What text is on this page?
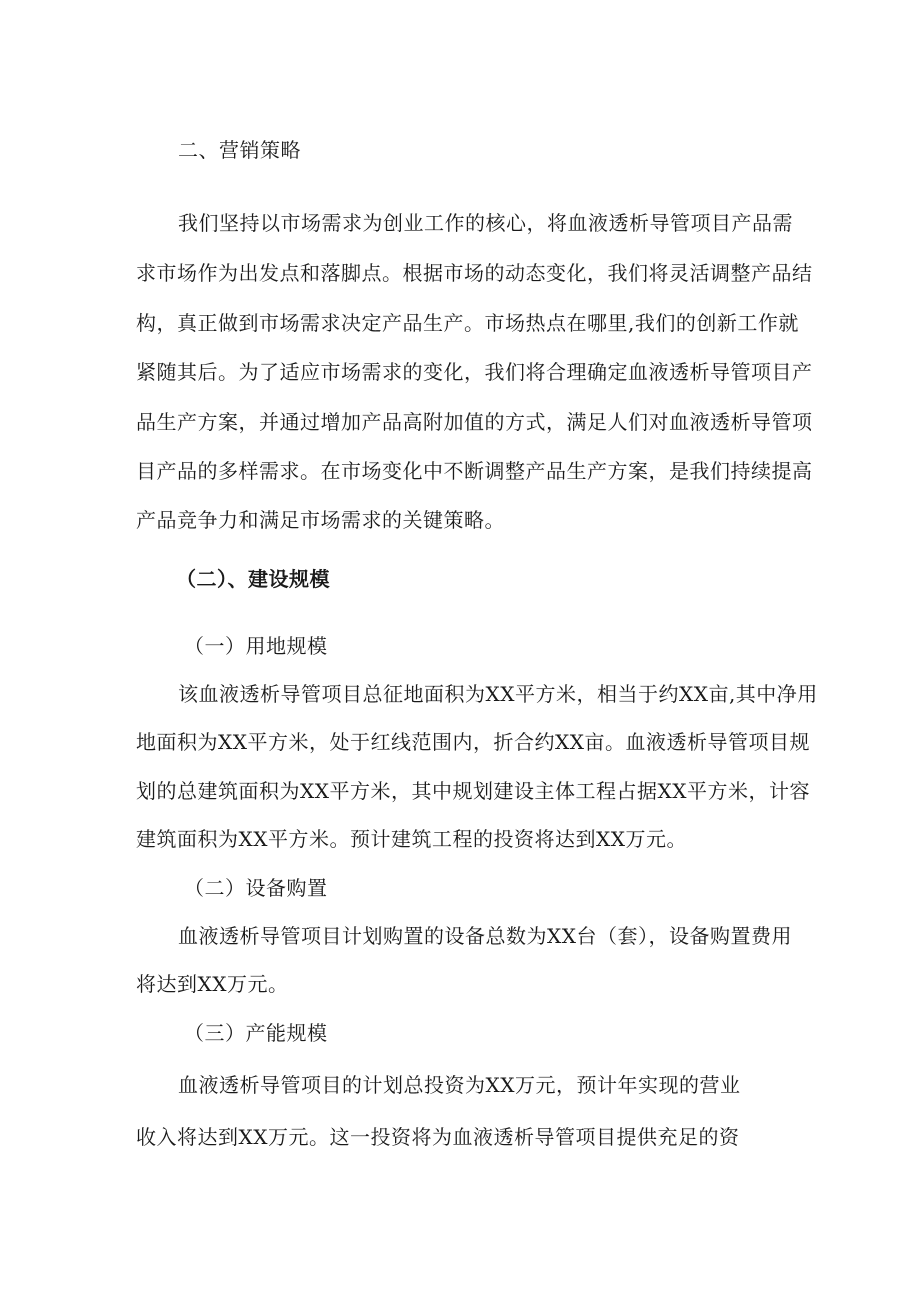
二、营销策略
我们坚持以市场需求为创业工作的核心，将血液透析导管项目产品需
求市场作为出发点和落脚点。根据市场的动态变化，我们将灵活调整产品结
构，真正做到市场需求决定产品生产。市场热点在哪里,我们的创新工作就
紧随其后。为了适应市场需求的变化，我们将合理确定血液透析导管项目产
品生产方案，并通过增加产品高附加值的方式，满足人们对血液透析导管项
目产品的多样需求。在市场变化中不断调整产品生产方案，是我们持续提高
产品竞争力和满足市场需求的关键策略。
（二）、建设规模
（一）用地规模
该血液透析导管项目总征地面积为XX平方米，相当于约XX亩,其中净用
地面积为XX平方米，处于红线范围内，折合约XX亩。血液透析导管项目规
划的总建筑面积为XX平方米，其中规划建设主体工程占据XX平方米，计容
建筑面积为XX平方米。预计建筑工程的投资将达到XX万元。
（二）设备购置
血液透析导管项目计划购置的设备总数为XX台（套），设备购置费用
将达到XX万元。
（三）产能规模
血液透析导管项目的计划总投资为XX万元，预计年实现的营业
收入将达到XX万元。这一投资将为血液透析导管项目提供充足的资
